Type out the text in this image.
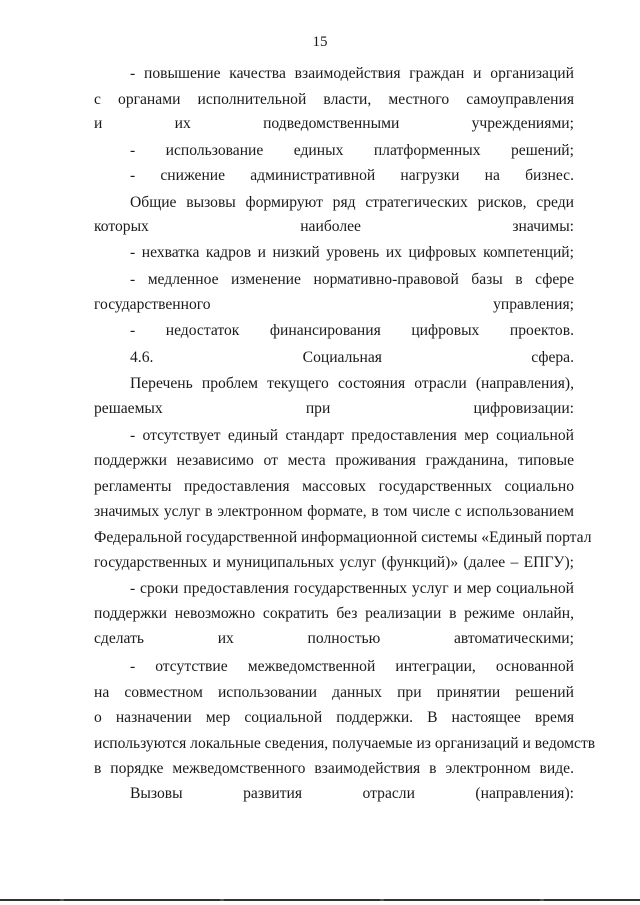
15
- повышение качества взаимодействия граждан и организаций
с органами исполнительной власти, местного самоуправления
и их подведомственными учреждениями;
- использование единых платформенных решений;
- снижение административной нагрузки на бизнес.
Общие вызовы формируют ряд стратегических рисков, среди
которых наиболее значимы:
- нехватка кадров и низкий уровень их цифровых компетенций;
- медленное изменение нормативно-правовой базы в сфере
государственного управления;
- недостаток финансирования цифровых проектов.
4.6. Социальная сфера.
Перечень проблем текущего состояния отрасли (направления),
решаемых при цифровизации:
- отсутствует единый стандарт предоставления мер социальной
поддержки независимо от места проживания гражданина, типовые
регламенты предоставления массовых государственных социально
значимых услуг в электронном формате, в том числе с использованием
Федеральной государственной информационной системы «Единый портал
государственных и муниципальных услуг (функций)» (далее – ЕПГУ);
- сроки предоставления государственных услуг и мер социальной
поддержки невозможно сократить без реализации в режиме онлайн,
сделать их полностью автоматическими;
- отсутствие межведомственной интеграции, основанной
на совместном использовании данных при принятии решений
о назначении мер социальной поддержки. В настоящее время
используются локальные сведения, получаемые из организаций и ведомств
в порядке межведомственного взаимодействия в электронном виде.
Вызовы развития отрасли (направления):
